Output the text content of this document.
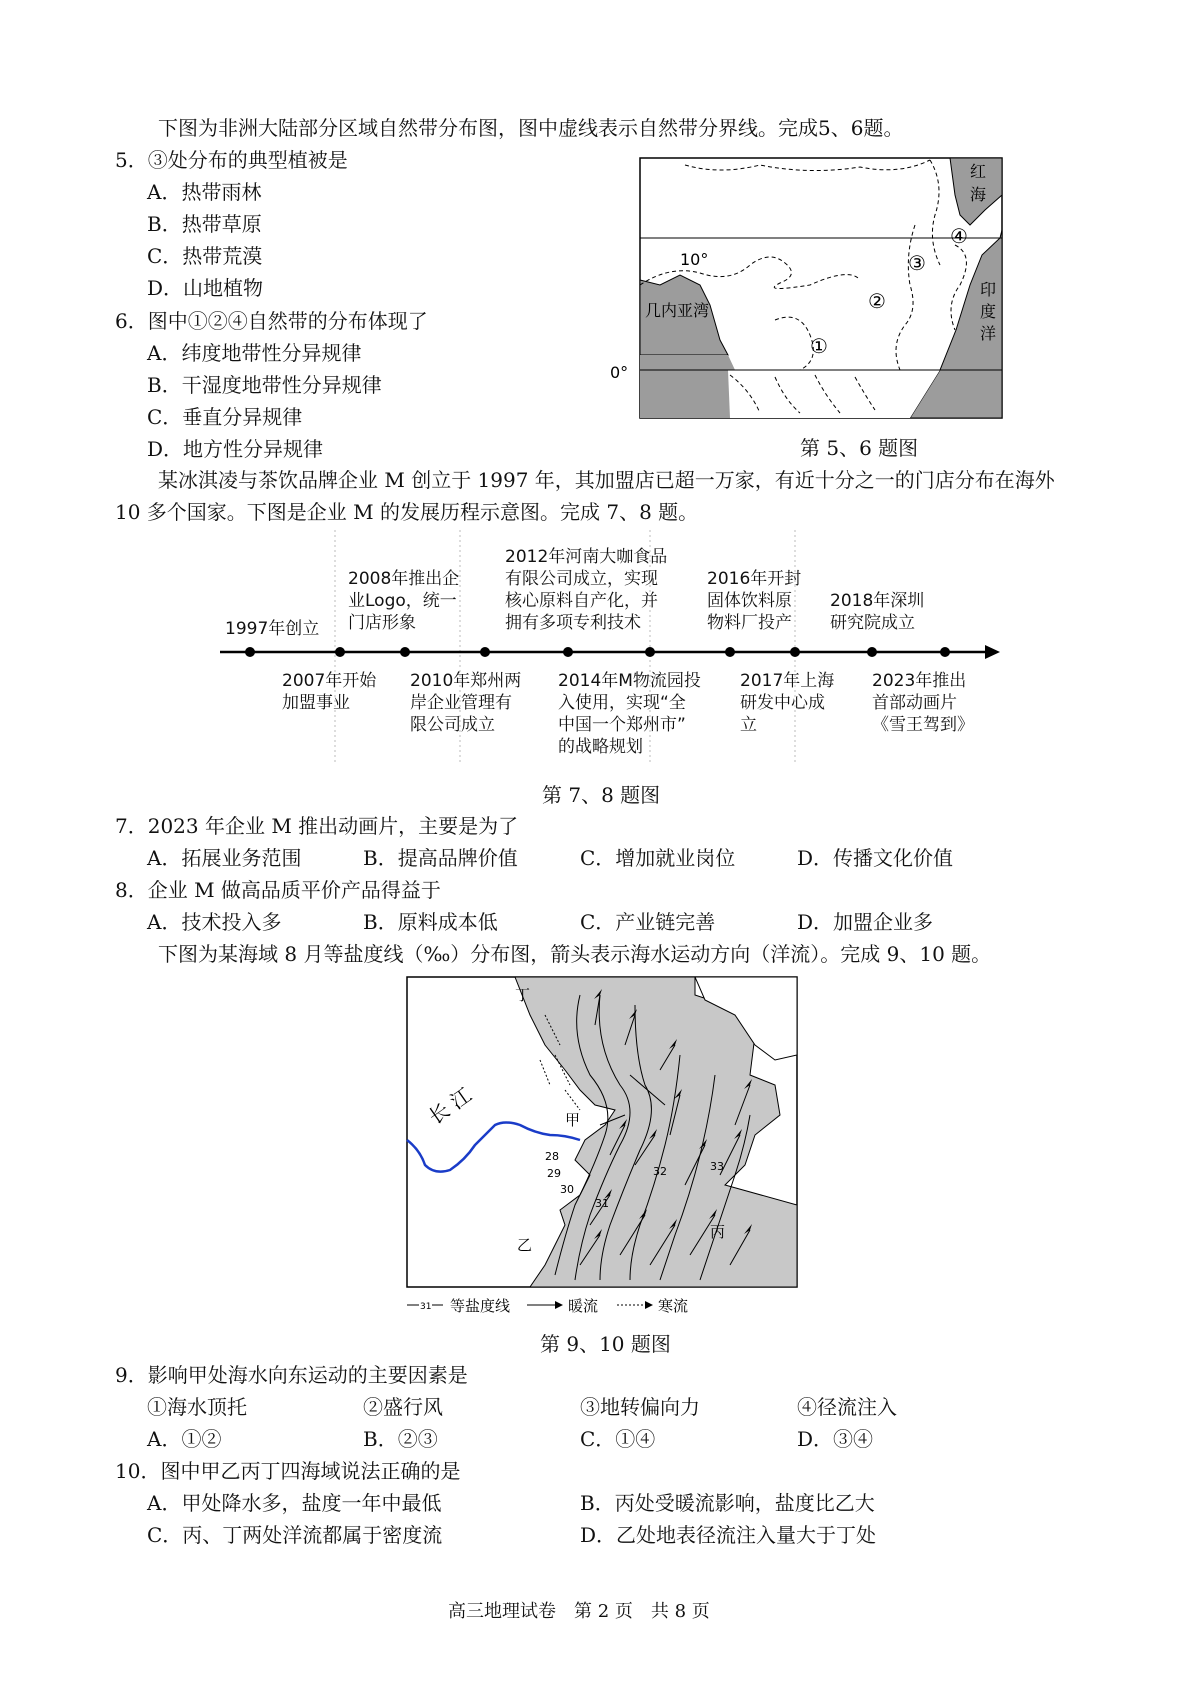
下图为非洲大陆部分区域自然带分布图，图中虚线表示自然带分界线。完成5、6题。
5．③处分布的典型植被是
A．热带雨林
B．热带草原
C．热带荒漠
D．山地植物
6．图中①②④自然带的分布体现了
A．纬度地带性分异规律
B．干湿度地带性分异规律
C．垂直分异规律
D．地方性分异规律
10°
0°
几内亚湾
红
海
印
度
洋
①
②
③
④
第 5、6 题图
某冰淇凌与茶饮品牌企业 M 创立于 1997 年，其加盟店已超一万家，有近十分之一的门店分布在海外
10 多个国家。下图是企业 M 的发展历程示意图。完成 7、8 题。
1997年创立
2008年推出企
业Logo，统一
门店形象
2012年河南大咖食品
有限公司成立，实现
核心原料自产化，并
拥有多项专利技术
2016年开封
固体饮料原
物料厂投产
2018年深圳
研究院成立
2007年开始
加盟事业
2010年郑州两
岸企业管理有
限公司成立
2014年M物流园投
入使用，实现“全
中国一个郑州市”
的战略规划
2017年上海
研发中心成
立
2023年推出
首部动画片
《雪王驾到》
第 7、8 题图
7．2023 年企业 M 推出动画片，主要是为了
A．拓展业务范围	B．提高品牌价值	C．增加就业岗位	D．传播文化价值
8．企业 M 做高品质平价产品得益于
A．技术投入多	B．原料成本低	C．产业链完善	D．加盟企业多
下图为某海域 8 月等盐度线（‰）分布图，箭头表示海水运动方向（洋流）。完成 9、10 题。
长 江	甲
乙
丙
丁
28
29
30
31
32	33
31 等盐度线	暖流	寒流
第 9、10 题图
9．影响甲处海水向东运动的主要因素是
①海水顶托	②盛行风	③地转偏向力	④径流注入
A．①②	B．②③	C．①④	D．③④
10．图中甲乙丙丁四海域说法正确的是
A．甲处降水多，盐度一年中最低	B．丙处受暖流影响，盐度比乙大
C．丙、丁两处洋流都属于密度流	D．乙处地表径流注入量大于丁处
高三地理试卷　第 2 页　共 8 页
